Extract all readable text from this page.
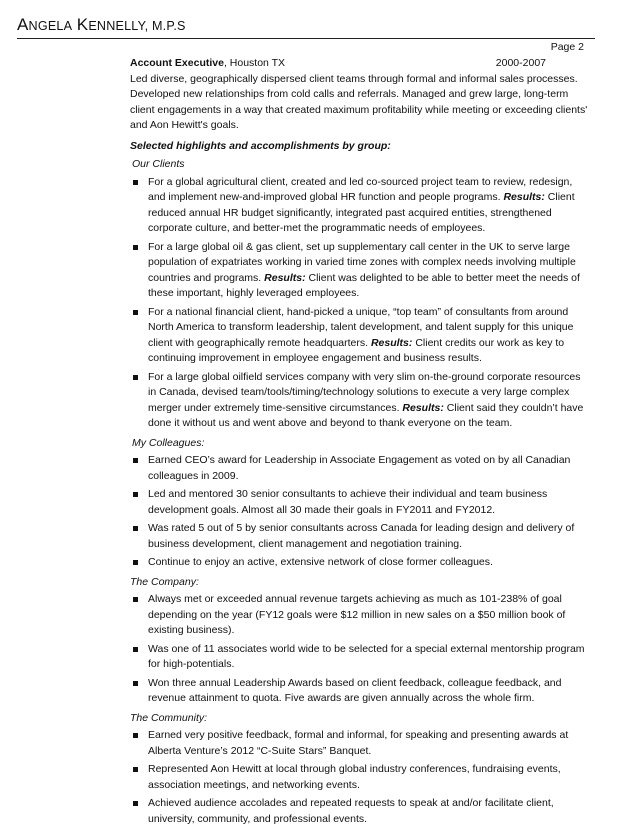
ANGELA KENNELLY, M.P.S
Page 2
Account Executive, Houston TX	2000-2007

Led diverse, geographically dispersed client teams through formal and informal sales processes. Developed new relationships from cold calls and referrals. Managed and grew large, long-term client engagements in a way that created maximum profitability while meeting or exceeding clients' and Aon Hewitt's goals.

Selected highlights and accomplishments by group:

Our Clients

For a global agricultural client, created and led co-sourced project team to review, redesign, and implement new-and-improved global HR function and people programs. Results: Client reduced annual HR budget significantly, integrated past acquired entities, strengthened corporate culture, and better-met the programmatic needs of employees.
For a large global oil & gas client, set up supplementary call center in the UK to serve large population of expatriates working in varied time zones with complex needs involving multiple countries and programs. Results: Client was delighted to be able to better meet the needs of these important, highly leveraged employees.
For a national financial client, hand-picked a unique, “top team” of consultants from around North America to transform leadership, talent development, and talent supply for this unique client with geographically remote headquarters. Results: Client credits our work as key to continuing improvement in employee engagement and business results.
For a large global oilfield services company with very slim on-the-ground corporate resources in Canada, devised team/tools/timing/technology solutions to execute a very large complex merger under extremely time-sensitive circumstances. Results: Client said they couldn’t have done it without us and went above and beyond to thank everyone on the team.

My Colleagues:

Earned CEO’s award for Leadership in Associate Engagement as voted on by all Canadian colleagues in 2009.
Led and mentored 30 senior consultants to achieve their individual and team business development goals. Almost all 30 made their goals in FY2011 and FY2012.
Was rated 5 out of 5 by senior consultants across Canada for leading design and delivery of business development, client management and negotiation training.
Continue to enjoy an active, extensive network of close former colleagues.

The Company:

Always met or exceeded annual revenue targets achieving as much as 101-238% of goal depending on the year (FY12 goals were $12 million in new sales on a $50 million book of existing business).
Was one of 11 associates world wide to be selected for a special external mentorship program for high-potentials.
Won three annual Leadership Awards based on client feedback, colleague feedback, and revenue attainment to quota. Five awards are given annually across the whole firm.

The Community:

Earned very positive feedback, formal and informal, for speaking and presenting awards at Alberta Venture’s 2012 “C-Suite Stars” Banquet.
Represented Aon Hewitt at local through global industry conferences, fundraising events, association meetings, and networking events.
Achieved audience accolades and repeated requests to speak at and/or facilitate client, university, community, and professional events.
